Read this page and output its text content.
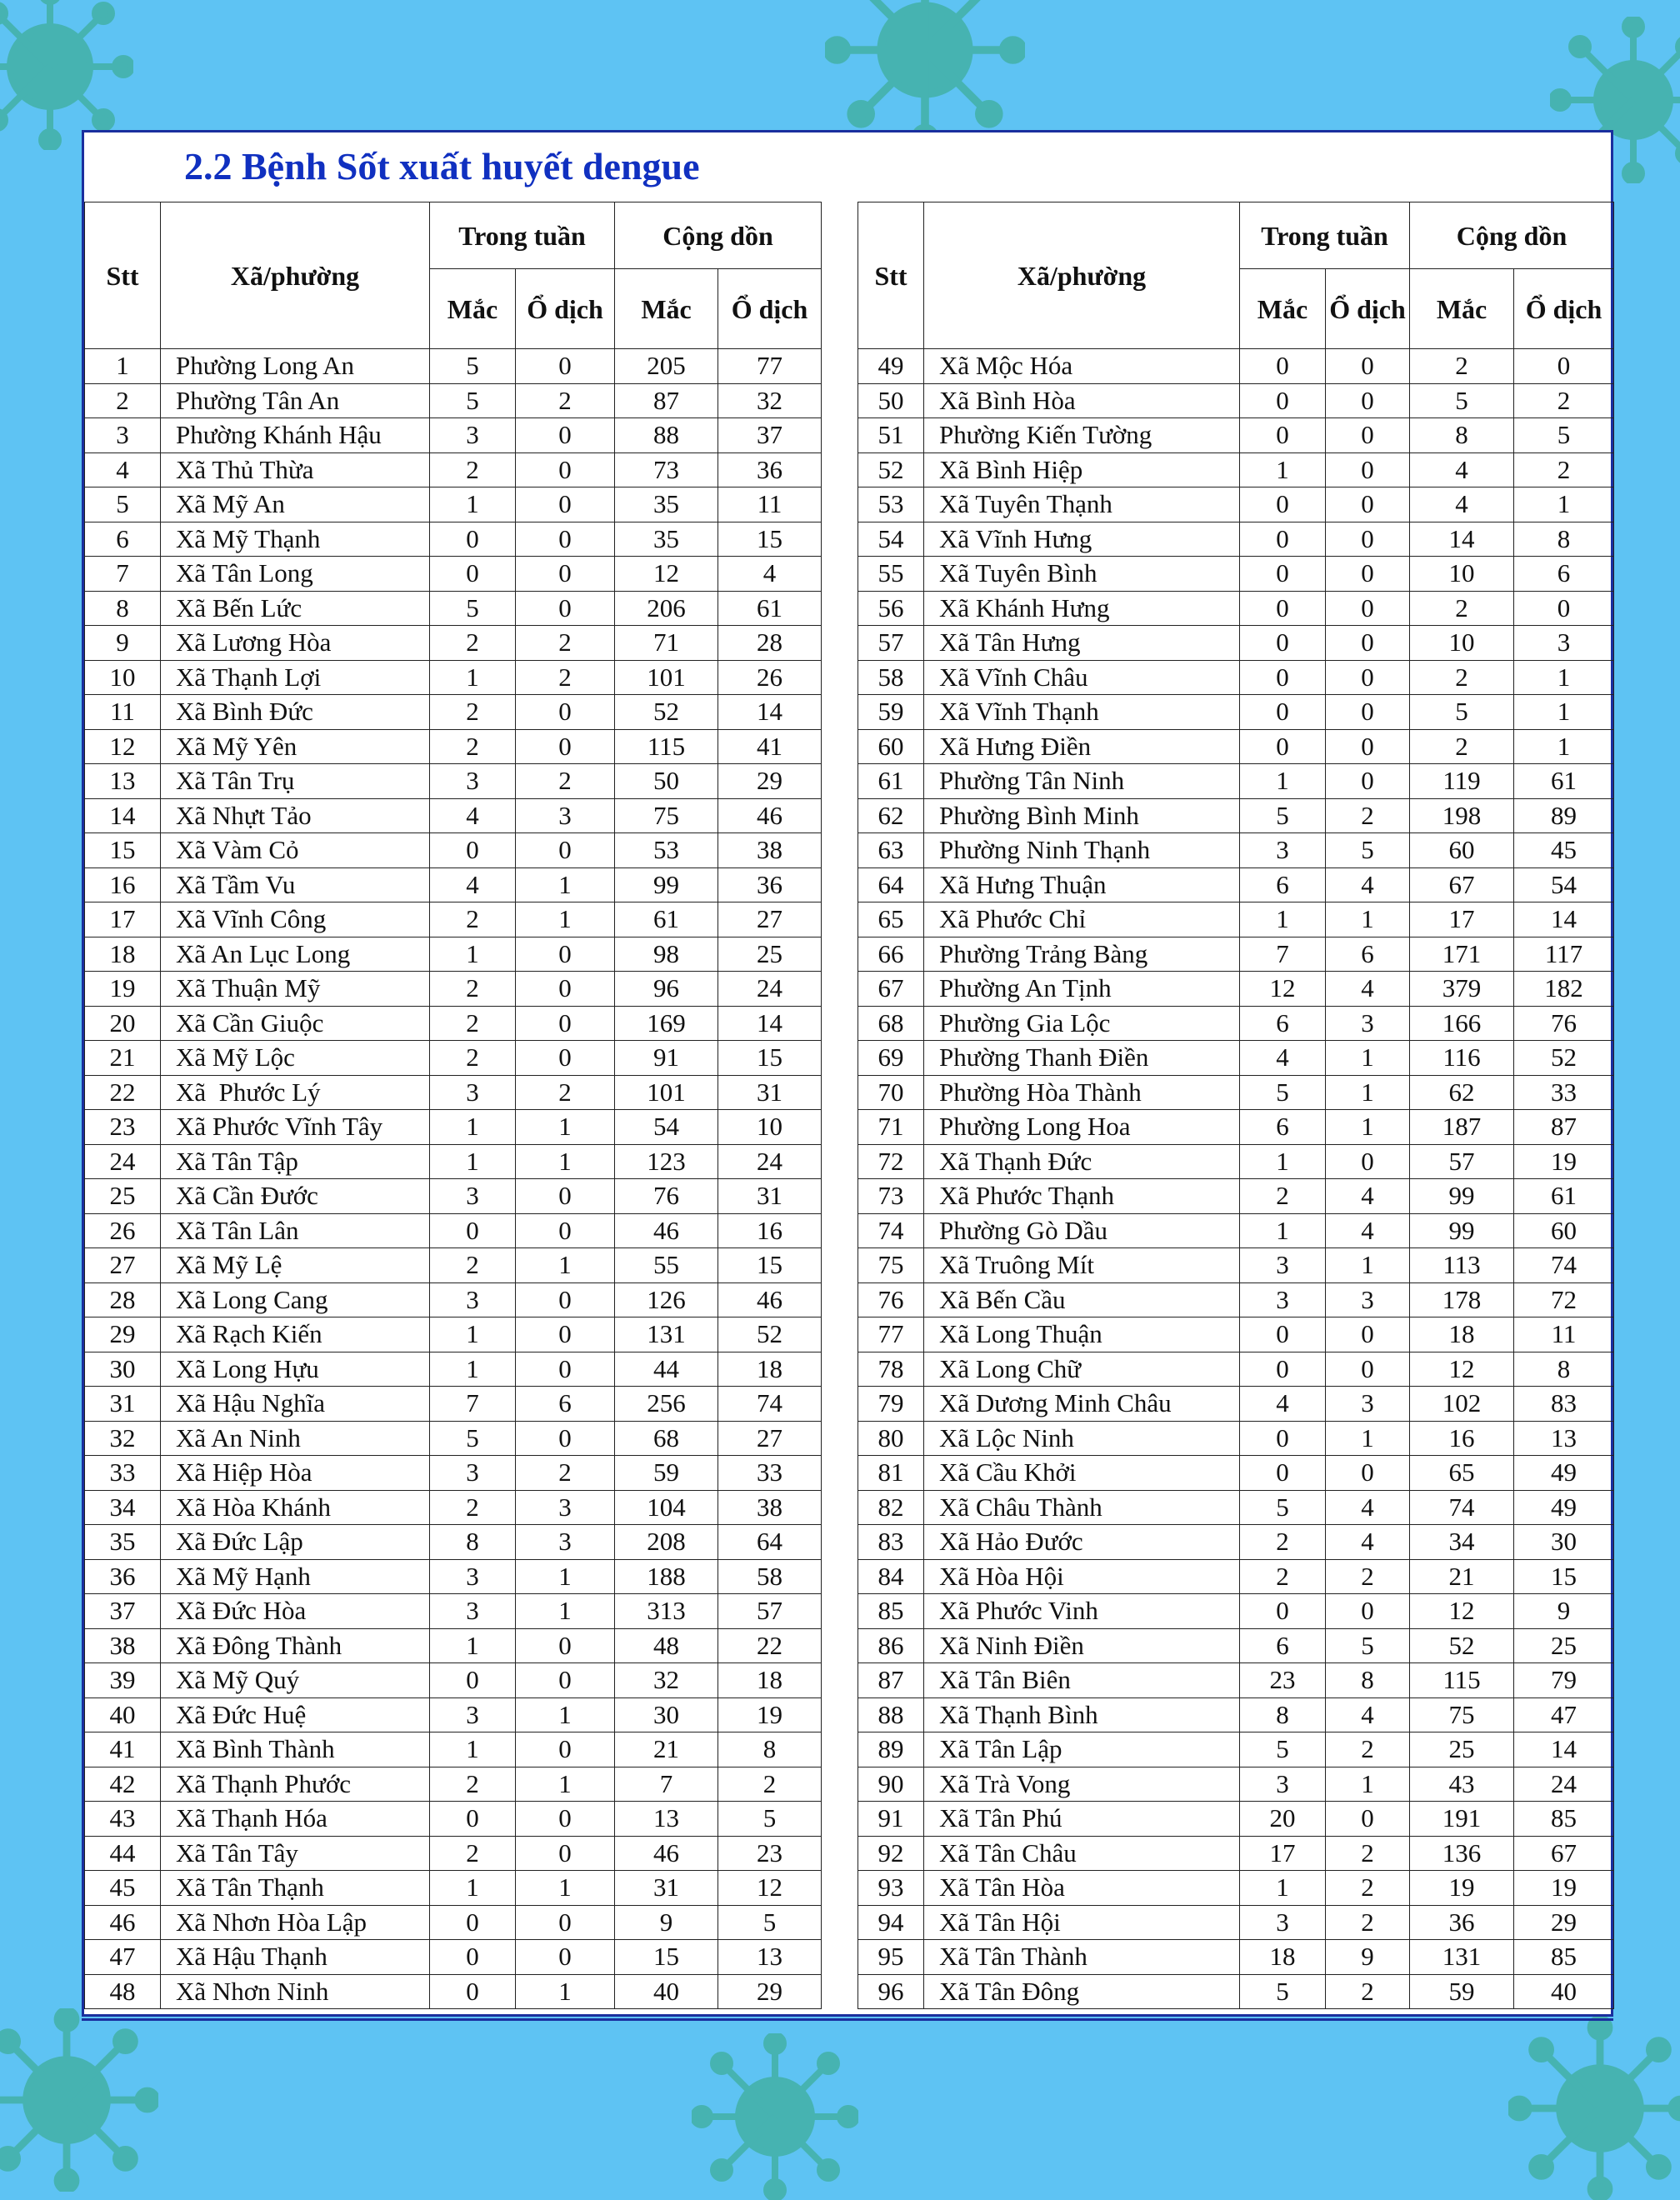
2.2 Bệnh Sốt xuất huyết dengue
Stt	Xã/phường	Trong tuần		Cộng dồn	
		Mắc	Ổ dịch	Mắc	Ổ dịch
1	Phường Long An	5	0	205	77
2	Phường Tân An	5	2	87	32
3	Phường Khánh Hậu	3	0	88	37
4	Xã Thủ Thừa	2	0	73	36
5	Xã Mỹ An	1	0	35	11
6	Xã Mỹ Thạnh	0	0	35	15
7	Xã Tân Long	0	0	12	4
8	Xã Bến Lức	5	0	206	61
9	Xã Lương Hòa	2	2	71	28
10	Xã Thạnh Lợi	1	2	101	26
11	Xã Bình Đức	2	0	52	14
12	Xã Mỹ Yên	2	0	115	41
13	Xã Tân Trụ	3	2	50	29
14	Xã Nhựt Tảo	4	3	75	46
15	Xã Vàm Cỏ	0	0	53	38
16	Xã Tầm Vu	4	1	99	36
17	Xã Vĩnh Công	2	1	61	27
18	Xã An Lục Long	1	0	98	25
19	Xã Thuận Mỹ	2	0	96	24
20	Xã Cần Giuộc	2	0	169	14
21	Xã Mỹ Lộc	2	0	91	15
22	Xã  Phước Lý	3	2	101	31
23	Xã Phước Vĩnh Tây	1	1	54	10
24	Xã Tân Tập	1	1	123	24
25	Xã Cần Đước	3	0	76	31
26	Xã Tân Lân	0	0	46	16
27	Xã Mỹ Lệ	2	1	55	15
28	Xã Long Cang	3	0	126	46
29	Xã Rạch Kiến	1	0	131	52
30	Xã Long Hựu	1	0	44	18
31	Xã Hậu Nghĩa	7	6	256	74
32	Xã An Ninh	5	0	68	27
33	Xã Hiệp Hòa	3	2	59	33
34	Xã Hòa Khánh	2	3	104	38
35	Xã Đức Lập	8	3	208	64
36	Xã Mỹ Hạnh	3	1	188	58
37	Xã Đức Hòa	3	1	313	57
38	Xã Đông Thành	1	0	48	22
39	Xã Mỹ Quý	0	0	32	18
40	Xã Đức Huệ	3	1	30	19
41	Xã Bình Thành	1	0	21	8
42	Xã Thạnh Phước	2	1	7	2
43	Xã Thạnh Hóa	0	0	13	5
44	Xã Tân Tây	2	0	46	23
45	Xã Tân Thạnh	1	1	31	12
46	Xã Nhơn Hòa Lập	0	0	9	5
47	Xã Hậu Thạnh	0	0	15	13
48	Xã Nhơn Ninh	0	1	40	29
Stt	Xã/phường	Trong tuần		Cộng dồn	
		Mắc	Ổ dịch	Mắc	Ổ dịch
49	Xã Mộc Hóa	0	0	2	0
50	Xã Bình Hòa	0	0	5	2
51	Phường Kiến Tường	0	0	8	5
52	Xã Bình Hiệp	1	0	4	2
53	Xã Tuyên Thạnh	0	0	4	1
54	Xã Vĩnh Hưng	0	0	14	8
55	Xã Tuyên Bình	0	0	10	6
56	Xã Khánh Hưng	0	0	2	0
57	Xã Tân Hưng	0	0	10	3
58	Xã Vĩnh Châu	0	0	2	1
59	Xã Vĩnh Thạnh	0	0	5	1
60	Xã Hưng Điền	0	0	2	1
61	Phường Tân Ninh	1	0	119	61
62	Phường Bình Minh	5	2	198	89
63	Phường Ninh Thạnh	3	5	60	45
64	Xã Hưng Thuận	6	4	67	54
65	Xã Phước Chỉ	1	1	17	14
66	Phường Trảng Bàng	7	6	171	117
67	Phường An Tịnh	12	4	379	182
68	Phường Gia Lộc	6	3	166	76
69	Phường Thanh Điền	4	1	116	52
70	Phường Hòa Thành	5	1	62	33
71	Phường Long Hoa	6	1	187	87
72	Xã Thạnh Đức	1	0	57	19
73	Xã Phước Thạnh	2	4	99	61
74	Phường Gò Dầu	1	4	99	60
75	Xã Truông Mít	3	1	113	74
76	Xã Bến Cầu	3	3	178	72
77	Xã Long Thuận	0	0	18	11
78	Xã Long Chữ	0	0	12	8
79	Xã Dương Minh Châu	4	3	102	83
80	Xã Lộc Ninh	0	1	16	13
81	Xã Cầu Khởi	0	0	65	49
82	Xã Châu Thành	5	4	74	49
83	Xã Hảo Đước	2	4	34	30
84	Xã Hòa Hội	2	2	21	15
85	Xã Phước Vinh	0	0	12	9
86	Xã Ninh Điền	6	5	52	25
87	Xã Tân Biên	23	8	115	79
88	Xã Thạnh Bình	8	4	75	47
89	Xã Tân Lập	5	2	25	14
90	Xã Trà Vong	3	1	43	24
91	Xã Tân Phú	20	0	191	85
92	Xã Tân Châu	17	2	136	67
93	Xã Tân Hòa	1	2	19	19
94	Xã Tân Hội	3	2	36	29
95	Xã Tân Thành	18	9	131	85
96	Xã Tân Đông	5	2	59	40
